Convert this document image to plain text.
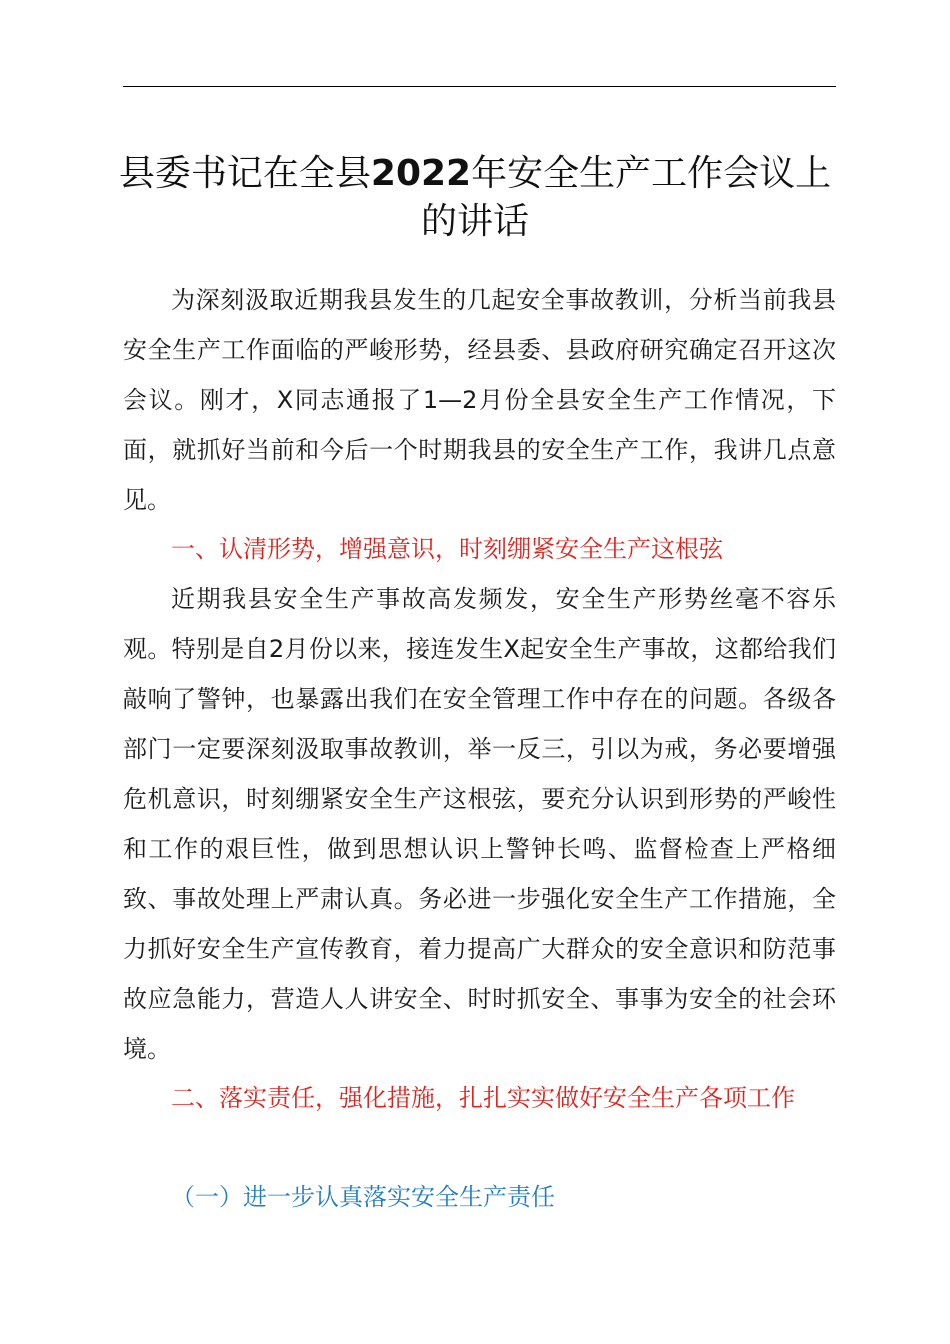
县委书记在全县2022年安全生产工作会议上
的讲话

为深刻汲取近期我县发生的几起安全事故教训，分析当前我县安全生产工作面临的严峻形势，经县委、县政府研究确定召开这次会议。刚才，X同志通报了1—2月份全县安全生产工作情况，下面，就抓好当前和今后一个时期我县的安全生产工作，我讲几点意见。

一、认清形势，增强意识，时刻绷紧安全生产这根弦

近期我县安全生产事故高发频发，安全生产形势丝毫不容乐观。特别是自2月份以来，接连发生X起安全生产事故，这都给我们敲响了警钟，也暴露出我们在安全管理工作中存在的问题。各级各部门一定要深刻汲取事故教训，举一反三，引以为戒，务必要增强危机意识，时刻绷紧安全生产这根弦，要充分认识到形势的严峻性和工作的艰巨性，做到思想认识上警钟长鸣、监督检查上严格细致、事故处理上严肃认真。务必进一步强化安全生产工作措施，全力抓好安全生产宣传教育，着力提高广大群众的安全意识和防范事故应急能力，营造人人讲安全、时时抓安全、事事为安全的社会环境。

二、落实责任，强化措施，扎扎实实做好安全生产各项工作

（一）进一步认真落实安全生产责任
